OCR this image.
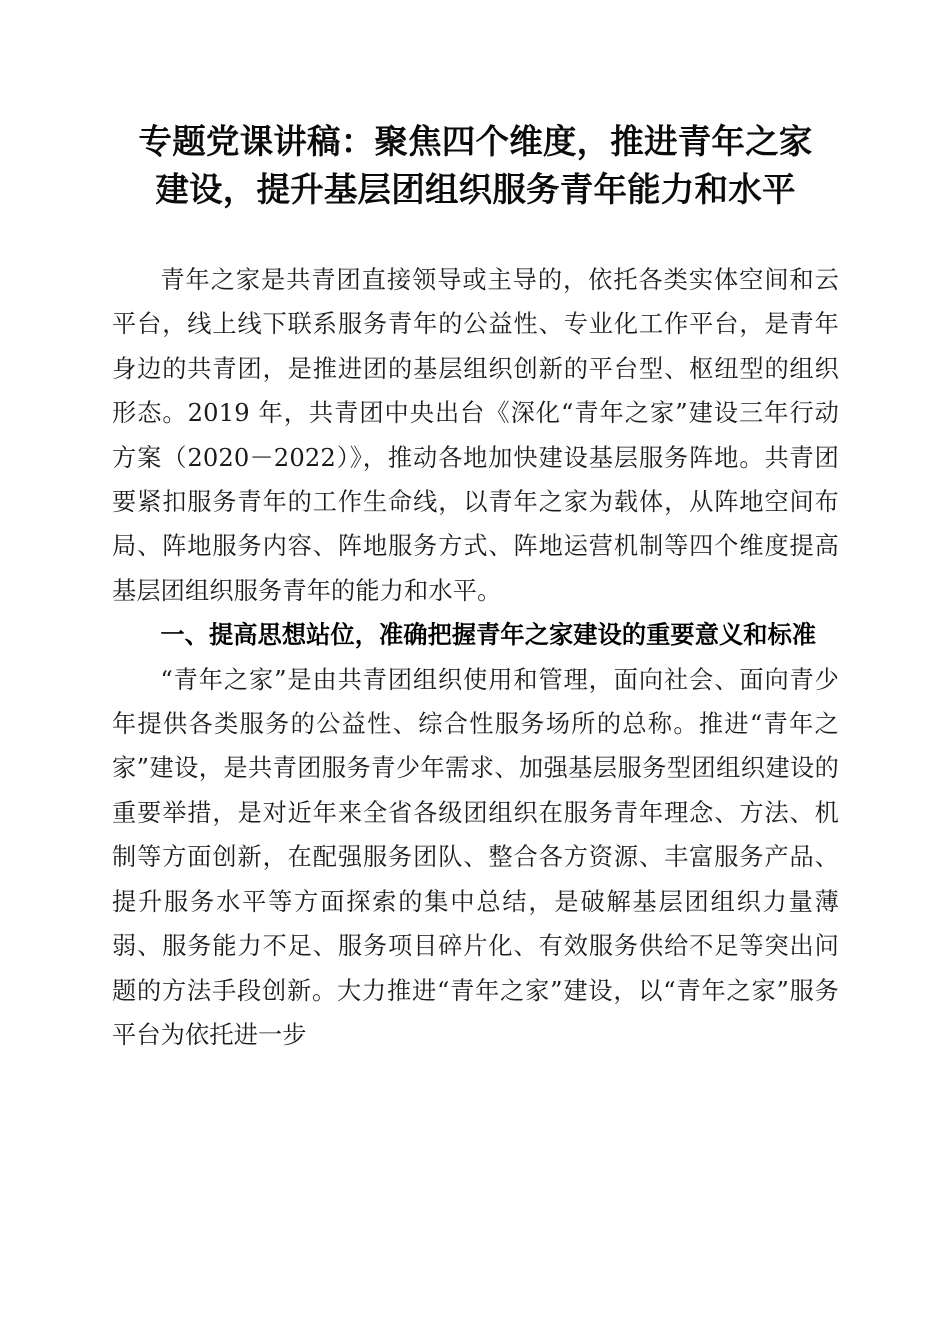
专题党课讲稿：聚焦四个维度，推进青年之家
建设，提升基层团组织服务青年能力和水平

青年之家是共青团直接领导或主导的，依托各类实体空间和云平台，线上线下联系服务青年的公益性、专业化工作平台，是青年身边的共青团，是推进团的基层组织创新的平台型、枢纽型的组织形态。2019 年，共青团中央出台《深化“青年之家”建设三年行动方案（2020－2022）》，推动各地加快建设基层服务阵地。共青团要紧扣服务青年的工作生命线，以青年之家为载体，从阵地空间布局、阵地服务内容、阵地服务方式、阵地运营机制等四个维度提高基层团组织服务青年的能力和水平。

一、提高思想站位，准确把握青年之家建设的重要意义和标准

“青年之家”是由共青团组织使用和管理，面向社会、面向青少年提供各类服务的公益性、综合性服务场所的总称。推进“青年之家”建设，是共青团服务青少年需求、加强基层服务型团组织建设的重要举措，是对近年来全省各级团组织在服务青年理念、方法、机制等方面创新，在配强服务团队、整合各方资源、丰富服务产品、提升服务水平等方面探索的集中总结，是破解基层团组织力量薄弱、服务能力不足、服务项目碎片化、有效服务供给不足等突出问题的方法手段创新。大力推进“青年之家”建设，以“青年之家”服务平台为依托进一步
